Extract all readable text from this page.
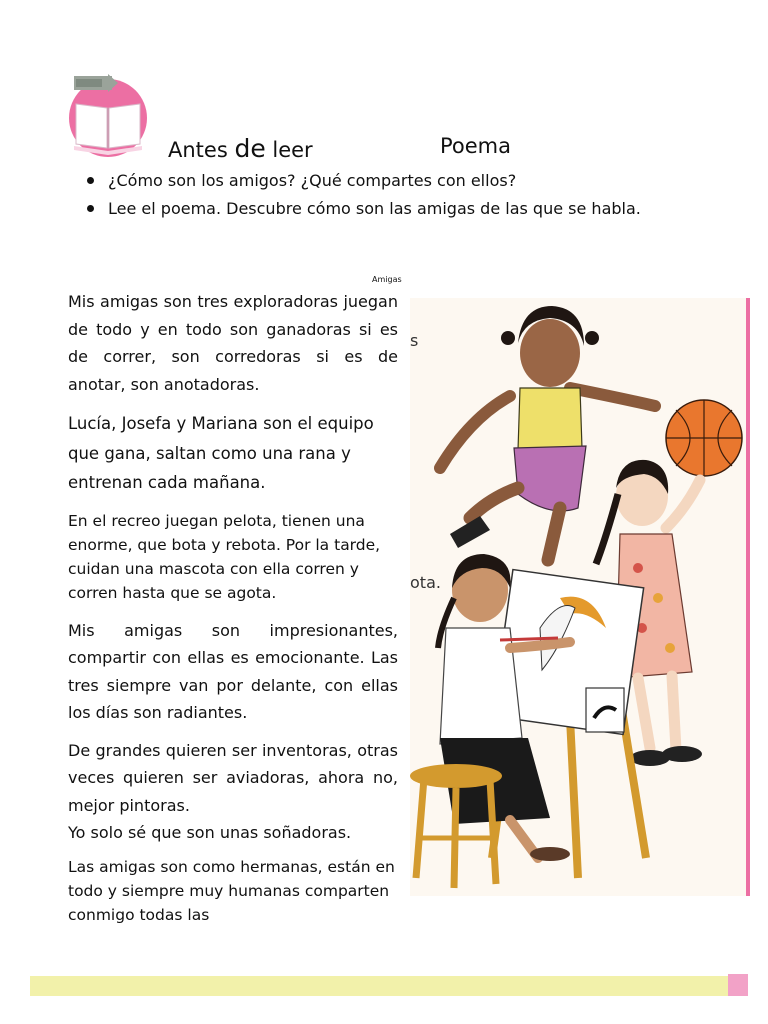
Antes de leer	Poema
¿Cómo son los amigos? ¿Qué compartes con ellos?
Lee el poema. Descubre cómo son las amigas de las que se habla.
Amigas

Mis amigas son tres exploradoras juegan de todo y en todo son ganadoras si es de correr, son corredoras si es de anotar, son anotadoras.

Lucía, Josefa y Mariana son el equipo que gana, saltan como una rana y entrenan cada mañana.

En el recreo juegan pelota, tienen una enorme, que bota y rebota. Por la tarde, cuidan una mascota con ella corren y corren hasta que se agota.

Mis amigas son impresionantes, compartir con ellas es emocionante. Las tres siempre van por delante, con ellas los días son radiantes.

De grandes quieren ser inventoras, otras veces quieren ser aviadoras, ahora no, mejor pintoras.
Yo solo sé que son unas soñadoras.

Las amigas son como hermanas, están en todo y siempre muy humanas comparten conmigo todas las

s
ota.
